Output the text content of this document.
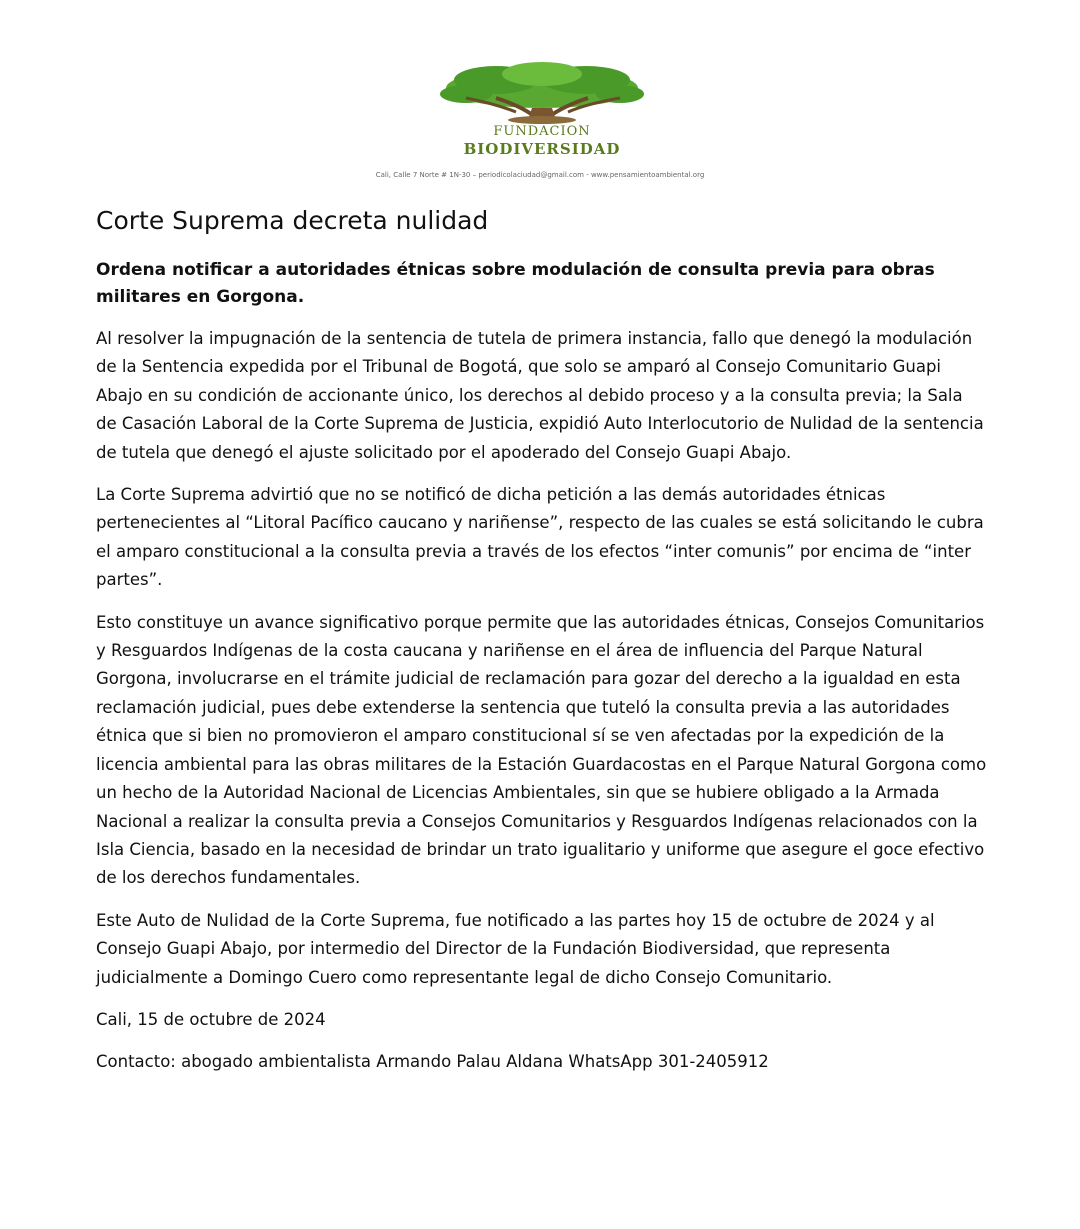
FUNDACION
BIODIVERSIDAD
Cali, Calle 7 Norte # 1N-30 – periodicolaciudad@gmail.com - www.pensamientoambiental.org
Corte Suprema decreta nulidad

Ordena notificar a autoridades étnicas sobre modulación de consulta previa para obras militares en Gorgona.

Al resolver la impugnación de la sentencia de tutela de primera instancia, fallo que denegó la modulación de la Sentencia expedida por el Tribunal de Bogotá, que solo se amparó al Consejo Comunitario Guapi Abajo en su condición de accionante único, los derechos al debido proceso y a la consulta previa; la Sala de Casación Laboral de la Corte Suprema de Justicia, expidió Auto Interlocutorio de Nulidad de la sentencia de tutela que denegó el ajuste solicitado por el apoderado del Consejo Guapi Abajo.

La Corte Suprema advirtió que no se notificó de dicha petición a las demás autoridades étnicas pertenecientes al “Litoral Pacífico caucano y nariñense”, respecto de las cuales se está solicitando le cubra el amparo constitucional a la consulta previa a través de los efectos “inter comunis” por encima de “inter partes”.

Esto constituye un avance significativo porque permite que las autoridades étnicas, Consejos Comunitarios y Resguardos Indígenas de la costa caucana y nariñense en el área de influencia del Parque Natural Gorgona, involucrarse en el trámite judicial de reclamación para gozar del derecho a la igualdad en esta reclamación judicial, pues debe extenderse la sentencia que tuteló la consulta previa a las autoridades étnica que si bien no promovieron el amparo constitucional sí se ven afectadas por la expedición de la licencia ambiental para las obras militares de la Estación Guardacostas en el Parque Natural Gorgona como un hecho de la Autoridad Nacional de Licencias Ambientales, sin que se hubiere obligado a la Armada Nacional a realizar la consulta previa a Consejos Comunitarios y Resguardos Indígenas relacionados con la Isla Ciencia, basado en la necesidad de brindar un trato igualitario y uniforme que asegure el goce efectivo de los derechos fundamentales.

Este Auto de Nulidad de la Corte Suprema, fue notificado a las partes hoy 15 de octubre de 2024 y al Consejo Guapi Abajo, por intermedio del Director de la Fundación Biodiversidad, que representa judicialmente a Domingo Cuero como representante legal de dicho Consejo Comunitario.

Cali, 15 de octubre de 2024

Contacto: abogado ambientalista Armando Palau Aldana WhatsApp 301-2405912
